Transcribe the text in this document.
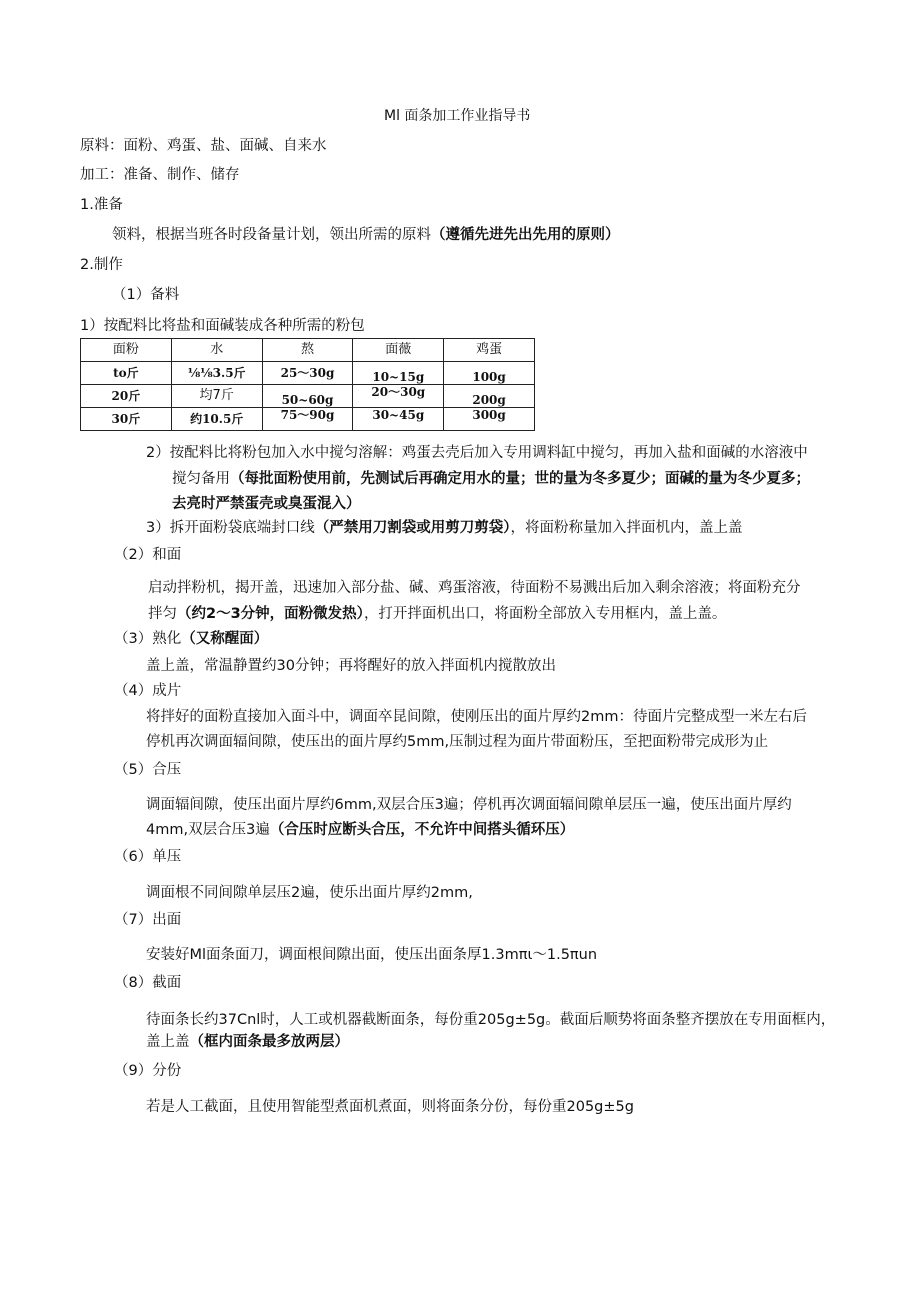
Ml 面条加工作业指导书
原料：面粉、鸡蛋、盐、面碱、自来水
加工：准备、制作、储存
1.准备
领料，根据当班各时段备量计划，领出所需的原料（遵循先进先出先用的原则）
2.制作
（1）备料
1）按配料比将盐和面碱装成各种所需的粉包
面粉	水	熬	面薇	鸡蛋
to斤	⅛⅛3.5斤	25～30g	10~15g	100g
20斤	均7斤	50~60g	20～30g	200g
30斤	约10.5斤	75～90g	30~45g	300g
2）按配料比将粉包加入水中搅匀溶解：鸡蛋去壳后加入专用调料缸中搅匀，再加入盐和面碱的水溶液中
搅匀备用（每批面粉使用前，先测试后再确定用水的量；世的量为冬多夏少；面碱的量为冬少夏多；
去亮时严禁蛋壳或臭蛋混入）
3）拆开面粉袋底端封口线（严禁用刀割袋或用剪刀剪袋），将面粉称量加入拌面机内，盖上盖
（2）和面
启动拌粉机，揭开盖，迅速加入部分盐、碱、鸡蛋溶液，待面粉不易溅出后加入剩余溶液；将面粉充分
拌匀（约2～3分钟，面粉微发热），打开拌面机出口，将面粉全部放入专用框内，盖上盖。
（3）熟化（又称醒面）
盖上盖，常温静置约30分钟；再将醒好的放入拌面机内搅散放出
（4）成片
将拌好的面粉直接加入面斗中，调面卒昆间隙，使刚压出的面片厚约2mm：待面片完整成型一米左右后
停机再次调面辐间隙，使压出的面片厚约5mm,压制过程为面片带面粉压，至把面粉带完成形为止
（5）合压
调面辐间隙，使压出面片厚约6mm,双层合压3遍；停机再次调面辐间隙单层压一遍，使压出面片厚约
4mm,双层合压3遍（合压时应断头合压，不允许中间搭头循环压）
（6）单压
调面根不同间隙单层压2遍，使乐出面片厚约2mm,
（7）出面
安装好Ml面条面刀，调面根间隙出面，使压出面条厚1.3mπι～1.5πun
（8）截面
待面条长约37Cnl时，人工或机器截断面条，每份重205g±5g。截面后顺势将面条整齐摆放在专用面框内，
盖上盖（框内面条最多放两层）
（9）分份
若是人工截面，且使用智能型煮面机煮面，则将面条分份，每份重205g±5g
